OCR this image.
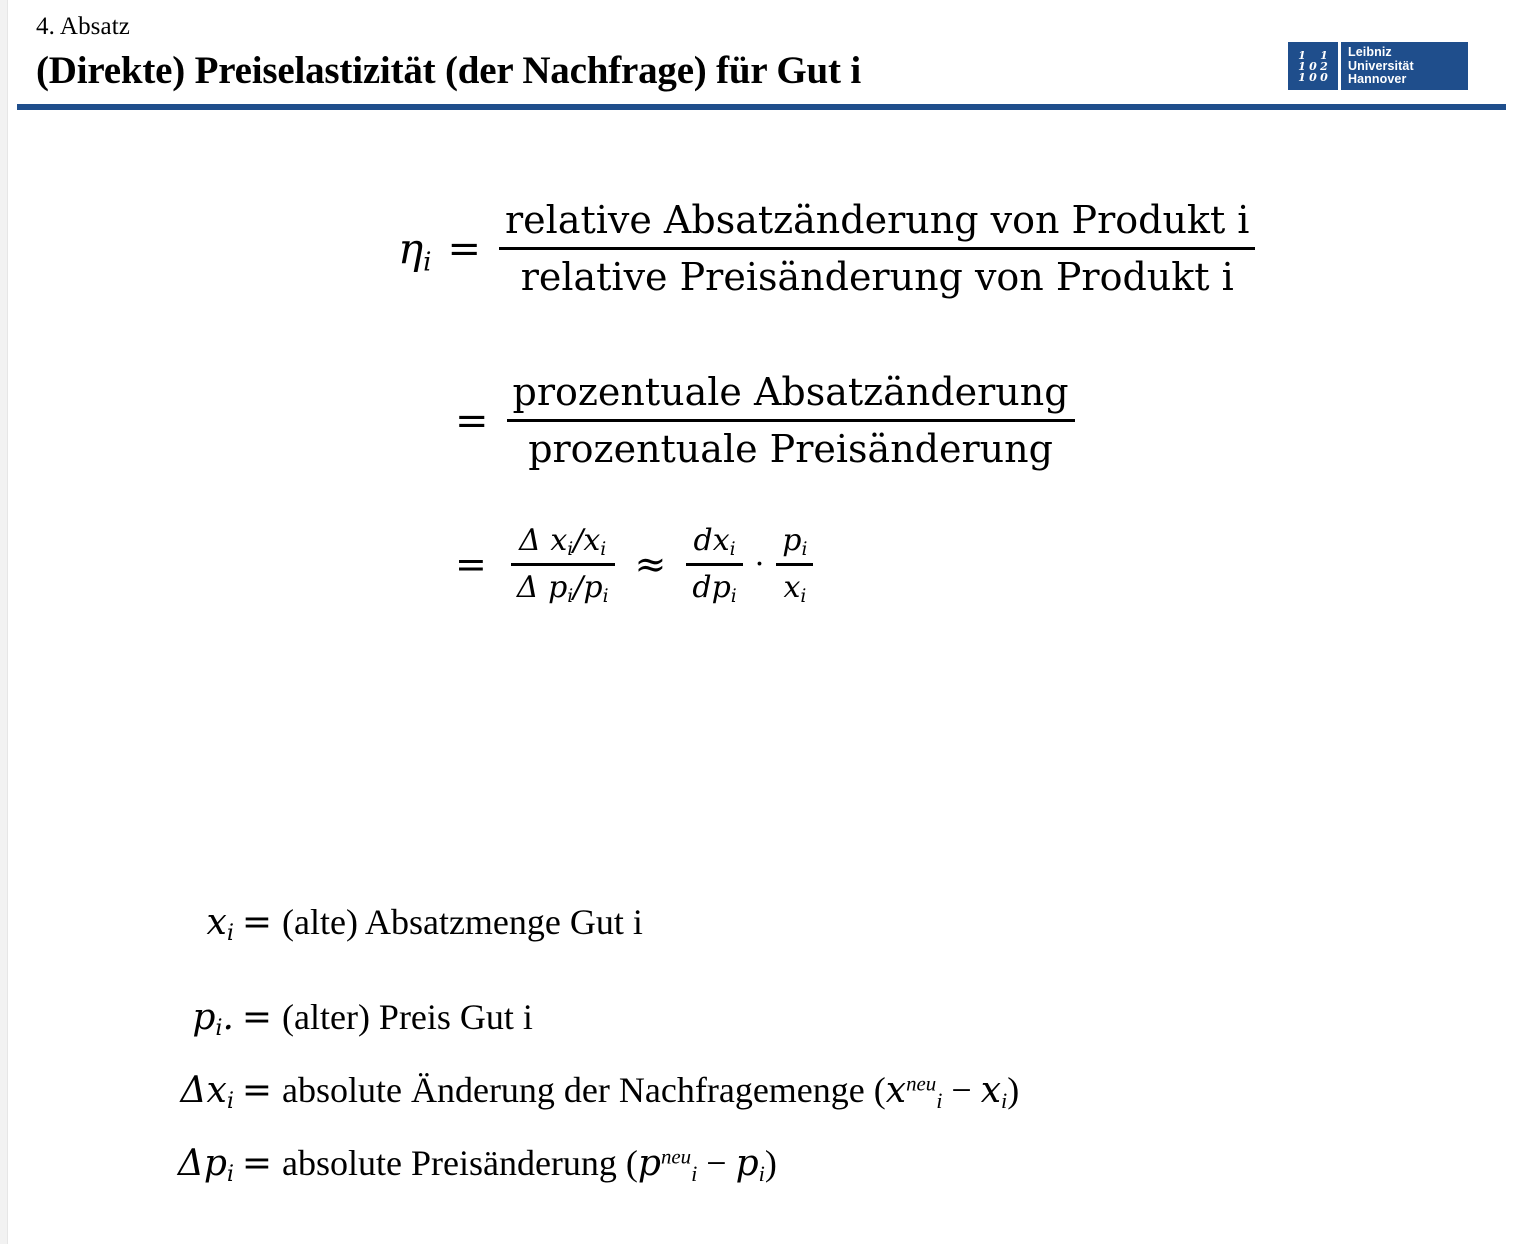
4. Absatz
(Direkte) Preiselastizität (der Nachfrage) für Gut i	1 1
1 0 2
1 0 0
Leibniz
Universität
Hannover
$\eta_i = \frac{\text{relative Absatzänderung von Produkt i}}{\text{relative Preisänderung von Produkt i}}$
= $\frac{\text{prozentuale Absatzänderung}}{\text{prozentuale Preisänderung}}$
= $\frac{\Delta x_i/x_i}{\Delta p_i/p_i} \approx \frac{dx_i}{dp_i} \cdot \frac{p_i}{x_i}$
$x_i$ = (alte) Absatzmenge Gut i
$p_i$. = (alter) Preis Gut i
$\Delta x_i$ = absolute Änderung der Nachfragemenge $(x^{neu}_i - x_i)$
$\Delta p_i$ = absolute Preisänderung $(p^{neu}_i - p_i)$
